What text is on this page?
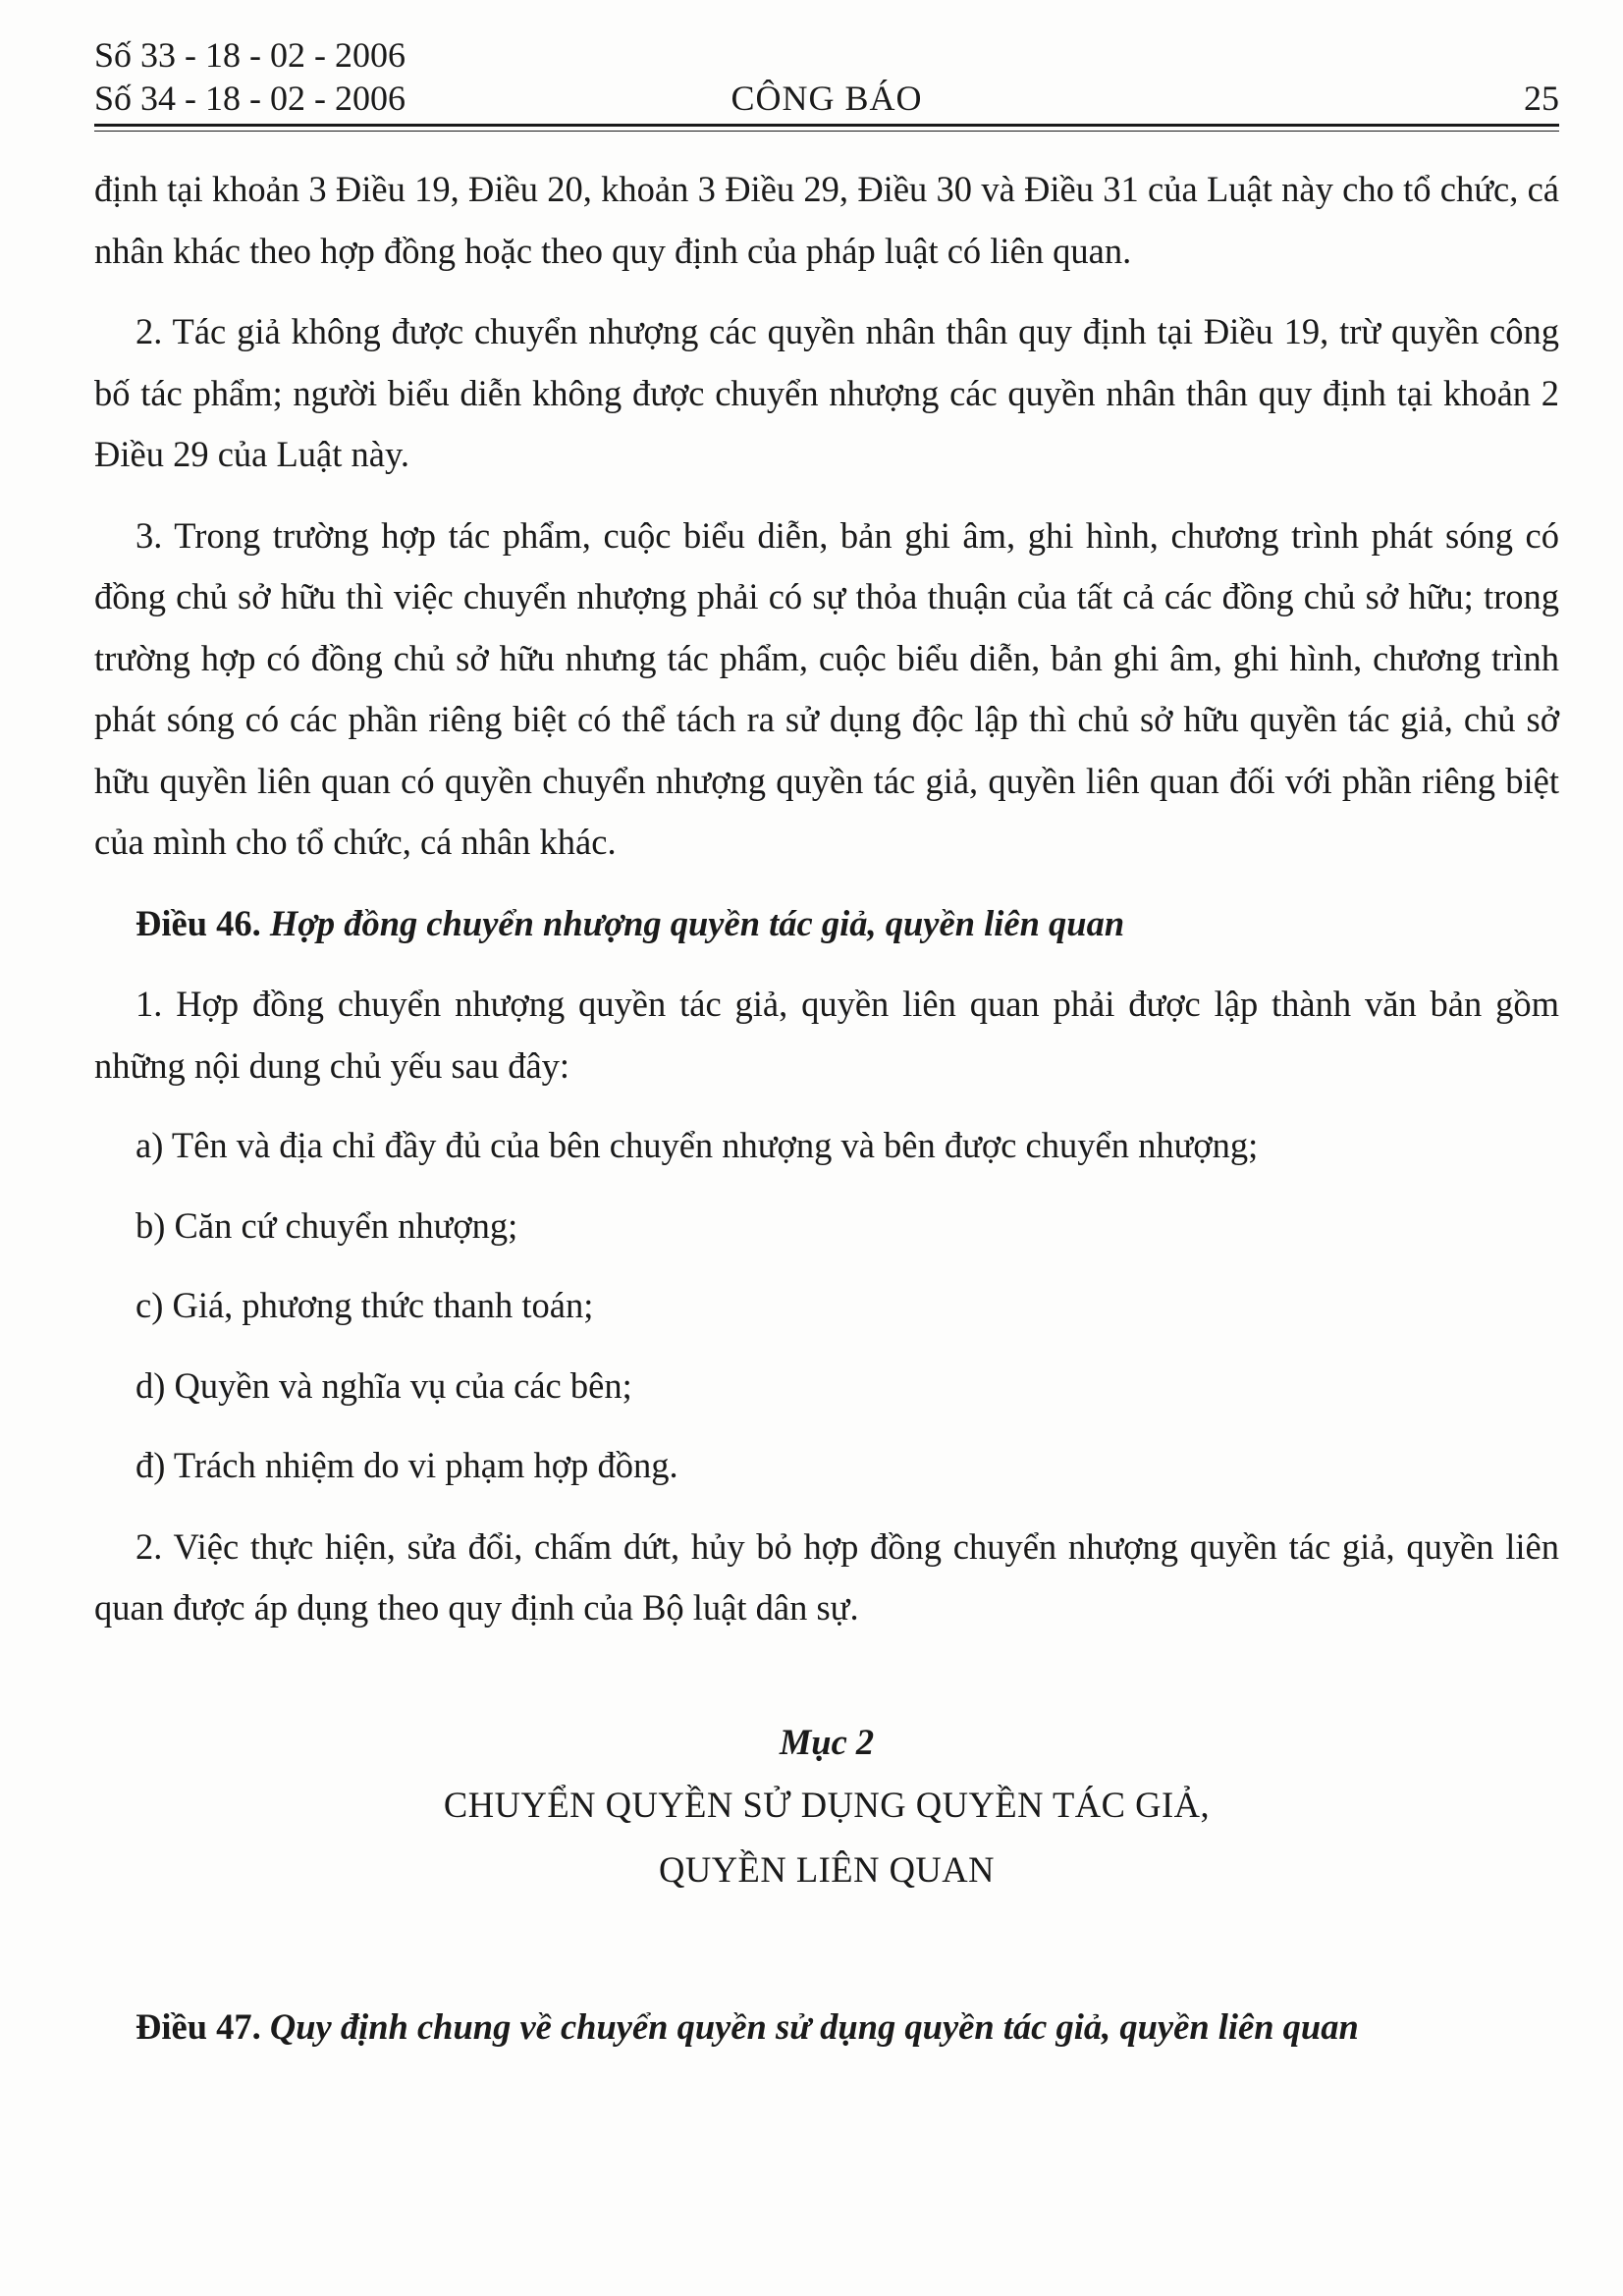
Số 33 - 18 - 02 - 2006
Số 34 - 18 - 02 - 2006	CÔNG BÁO	25

định tại khoản 3 Điều 19, Điều 20, khoản 3 Điều 29, Điều 30 và Điều 31 của Luật này cho tổ chức, cá nhân khác theo hợp đồng hoặc theo quy định của pháp luật có liên quan.

2. Tác giả không được chuyển nhượng các quyền nhân thân quy định tại Điều 19, trừ quyền công bố tác phẩm; người biểu diễn không được chuyển nhượng các quyền nhân thân quy định tại khoản 2 Điều 29 của Luật này.

3. Trong trường hợp tác phẩm, cuộc biểu diễn, bản ghi âm, ghi hình, chương trình phát sóng có đồng chủ sở hữu thì việc chuyển nhượng phải có sự thỏa thuận của tất cả các đồng chủ sở hữu; trong trường hợp có đồng chủ sở hữu nhưng tác phẩm, cuộc biểu diễn, bản ghi âm, ghi hình, chương trình phát sóng có các phần riêng biệt có thể tách ra sử dụng độc lập thì chủ sở hữu quyền tác giả, chủ sở hữu quyền liên quan có quyền chuyển nhượng quyền tác giả, quyền liên quan đối với phần riêng biệt của mình cho tổ chức, cá nhân khác.

Điều 46. Hợp đồng chuyển nhượng quyền tác giả, quyền liên quan

1. Hợp đồng chuyển nhượng quyền tác giả, quyền liên quan phải được lập thành văn bản gồm những nội dung chủ yếu sau đây:

a) Tên và địa chỉ đầy đủ của bên chuyển nhượng và bên được chuyển nhượng;

b) Căn cứ chuyển nhượng;

c) Giá, phương thức thanh toán;

d) Quyền và nghĩa vụ của các bên;

đ) Trách nhiệm do vi phạm hợp đồng.

2. Việc thực hiện, sửa đổi, chấm dứt, hủy bỏ hợp đồng chuyển nhượng quyền tác giả, quyền liên quan được áp dụng theo quy định của Bộ luật dân sự.

Mục 2

CHUYỂN QUYỀN SỬ DỤNG QUYỀN TÁC GIẢ,

QUYỀN LIÊN QUAN

Điều 47. Quy định chung về chuyển quyền sử dụng quyền tác giả, quyền liên quan
